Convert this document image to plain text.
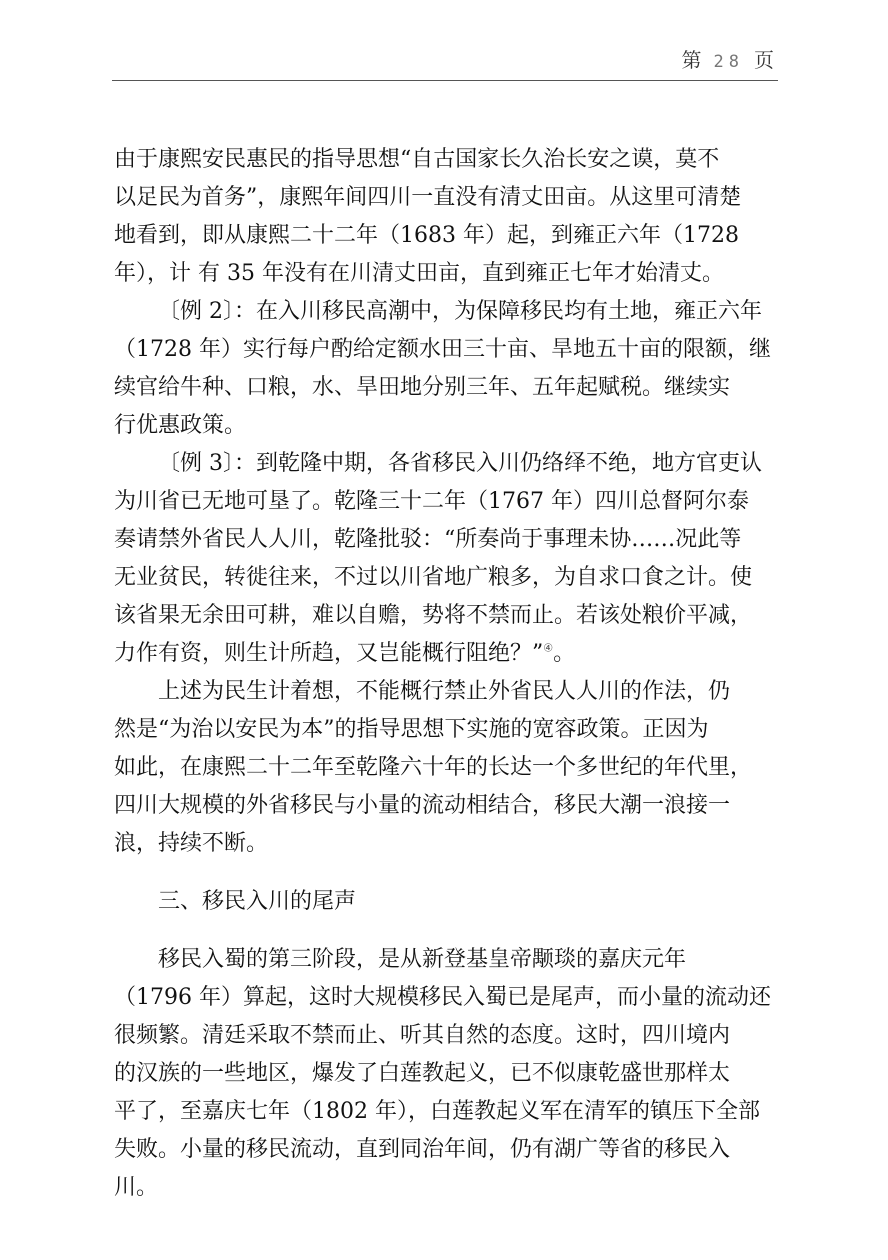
第 28 页

由于康熙安民惠民的指导思想“自古国家长久治长安之谟，莫不
以足民为首务”，康熙年间四川一直没有清丈田亩。从这里可清楚
地看到，即从康熙二十二年（1683 年）起，到雍正六年（1728
年），计 有 35 年没有在川清丈田亩，直到雍正七年才始清丈。

〔例 2〕：在入川移民高潮中，为保障移民均有土地，雍正六年
（1728 年）实行每户酌给定额水田三十亩、旱地五十亩的限额，继
续官给牛种、口粮，水、旱田地分别三年、五年起赋税。继续实
行优惠政策。

〔例 3〕：到乾隆中期，各省移民入川仍络绎不绝，地方官吏认
为川省已无地可垦了。乾隆三十二年（1767 年）四川总督阿尔泰
奏请禁外省民人人川，乾隆批驳：“所奏尚于事理未协……况此等
无业贫民，转徙往来，不过以川省地广粮多，为自求口食之计。使
该省果无余田可耕，难以自赡，势将不禁而止。若该处粮价平减，
力作有资，则生计所趋，又岂能概行阻绝？”④。

上述为民生计着想，不能概行禁止外省民人人川的作法，仍
然是“为治以安民为本”的指导思想下实施的宽容政策。正因为
如此，在康熙二十二年至乾隆六十年的长达一个多世纪的年代里，
四川大规模的外省移民与小量的流动相结合，移民大潮一浪接一
浪，持续不断。

三、移民入川的尾声

移民入蜀的第三阶段，是从新登基皇帝颙琰的嘉庆元年
（1796 年）算起，这时大规模移民入蜀已是尾声，而小量的流动还
很频繁。清廷采取不禁而止、听其自然的态度。这时，四川境内
的汉族的一些地区，爆发了白莲教起义，已不似康乾盛世那样太
平了，至嘉庆七年（1802 年），白莲教起义军在清军的镇压下全部
失败。小量的移民流动，直到同治年间，仍有湖广等省的移民入
川。
